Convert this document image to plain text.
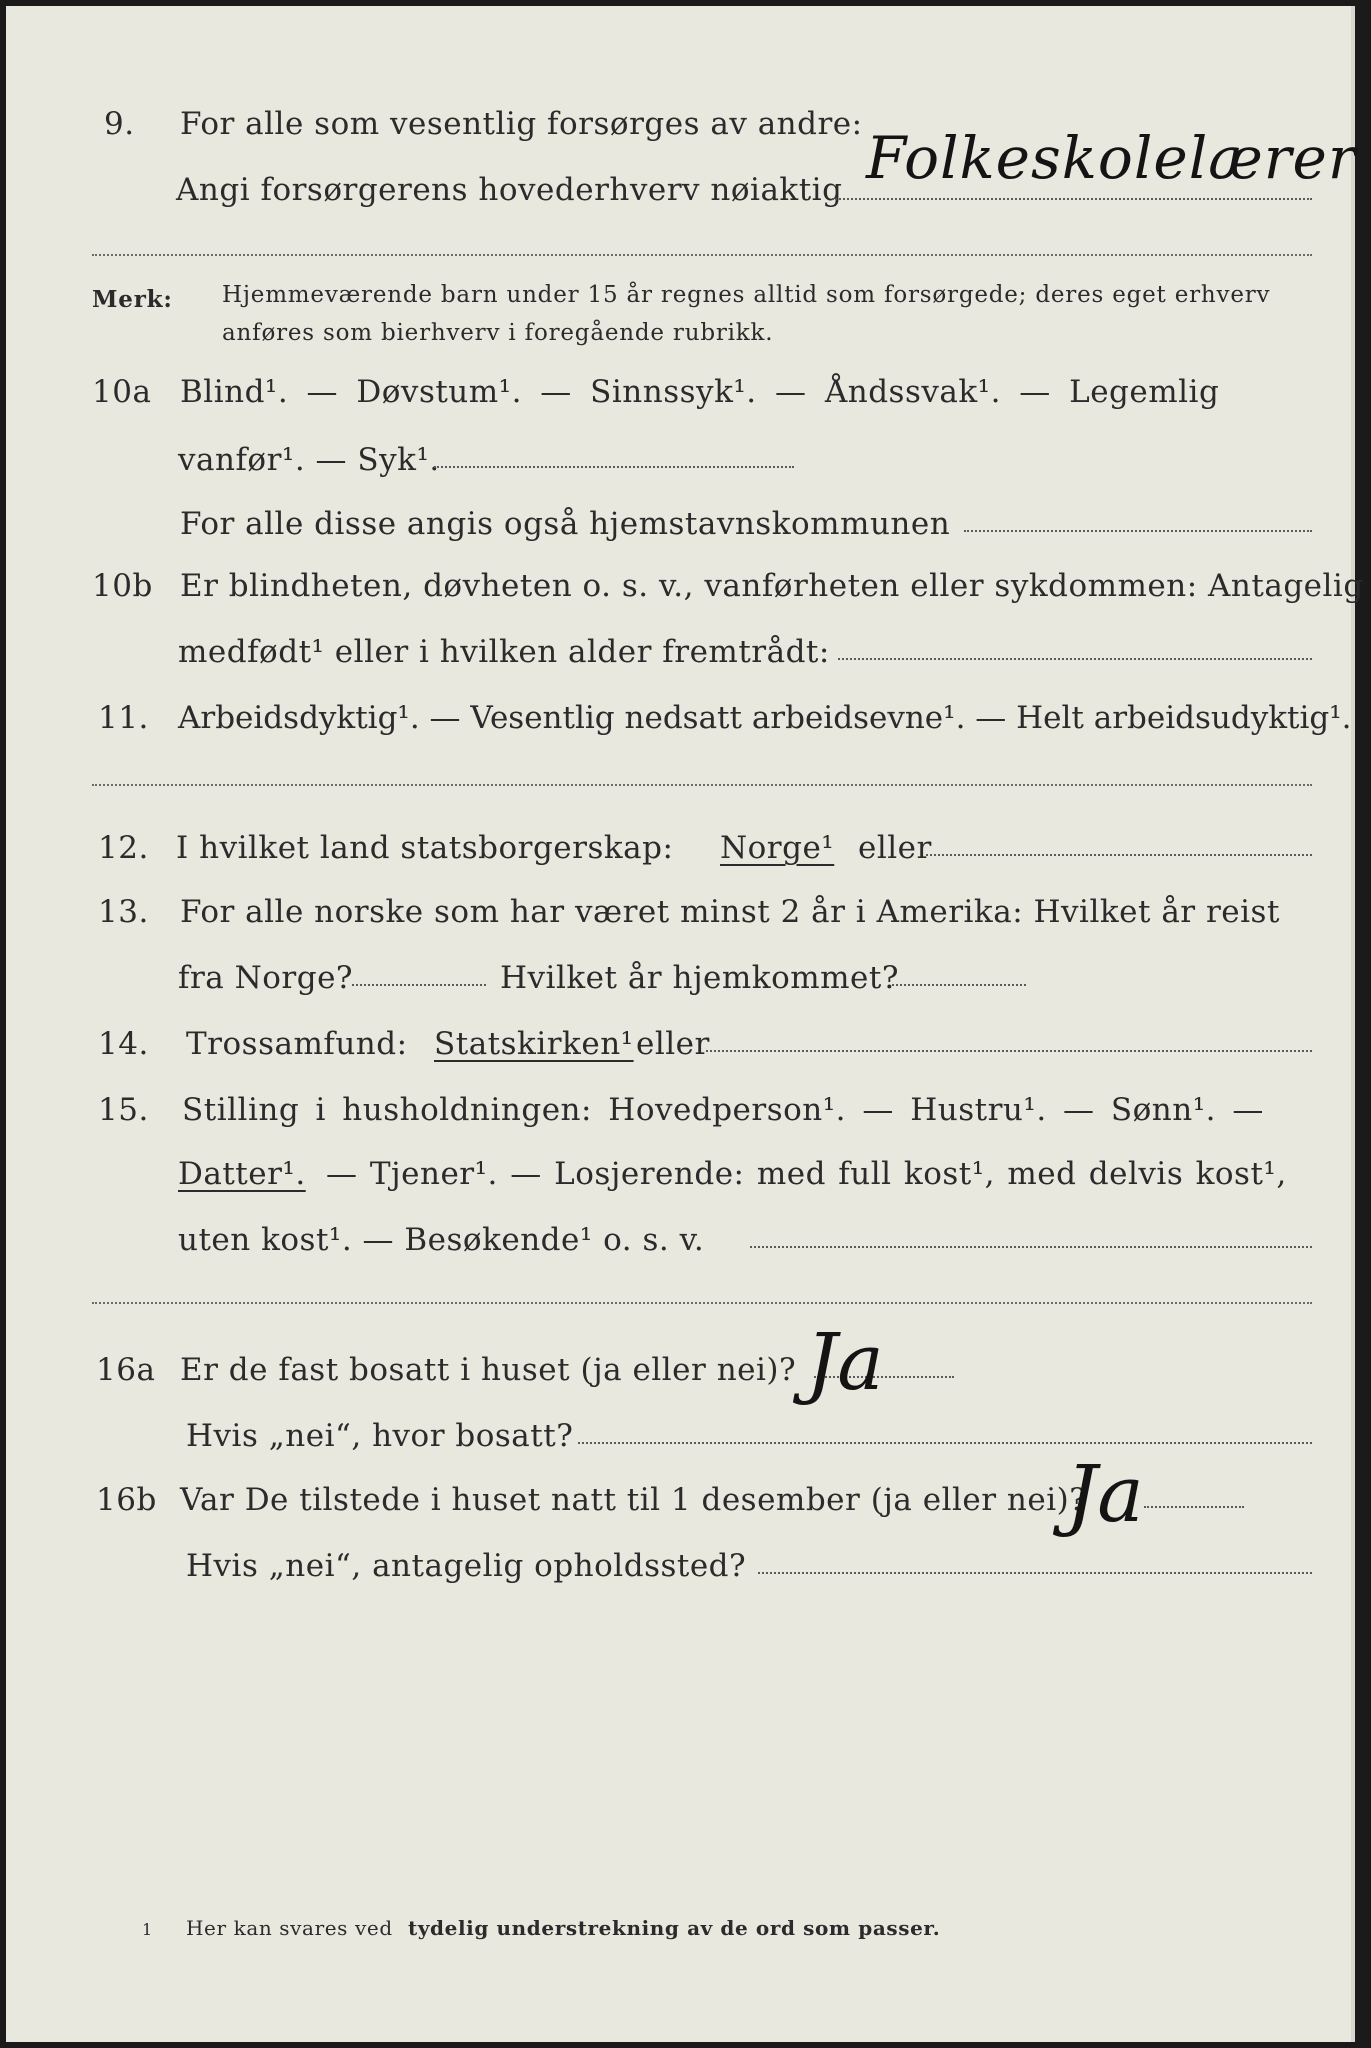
9. For alle som vesentlig forsørges av andre:
Angi forsørgerens hovederhverv nøiaktig Folkeskolelærer
Merk: Hjemmeværende barn under 15 år regnes alltid som forsørgede; deres eget erhverv
anføres som bierhverv i foregående rubrikk.
10a Blind¹. — Døvstum¹. — Sinnssyk¹. — Åndssvak¹. — Legemlig
vanfør¹. — Syk¹.
For alle disse angis også hjemstavnskommunen
10b Er blindheten, døvheten o. s. v., vanførheten eller sykdommen: Antagelig
medfødt¹ eller i hvilken alder fremtrådt:
11. Arbeidsdyktig¹. — Vesentlig nedsatt arbeidsevne¹. — Helt arbeidsudyktig¹.
12. I hvilket land statsborgerskap: Norge¹ eller
13. For alle norske som har været minst 2 år i Amerika: Hvilket år reist
fra Norge?	Hvilket år hjemkommet?
14. Trossamfund: Statskirken¹ eller
15. Stilling i husholdningen: Hovedperson¹. — Hustru¹. — Sønn¹. —
Datter¹. — Tjener¹. — Losjerende: med full kost¹, med delvis kost¹,
uten kost¹. — Besøkende¹ o. s. v.
16a Er de fast bosatt i huset (ja eller nei)? Ja
Hvis „nei“, hvor bosatt?
16b Var De tilstede i huset natt til 1 desember (ja eller nei)?
Ja
Hvis „nei“, antagelig opholdssted?
1 Her kan svares ved tydelig understrekning av de ord som passer.
